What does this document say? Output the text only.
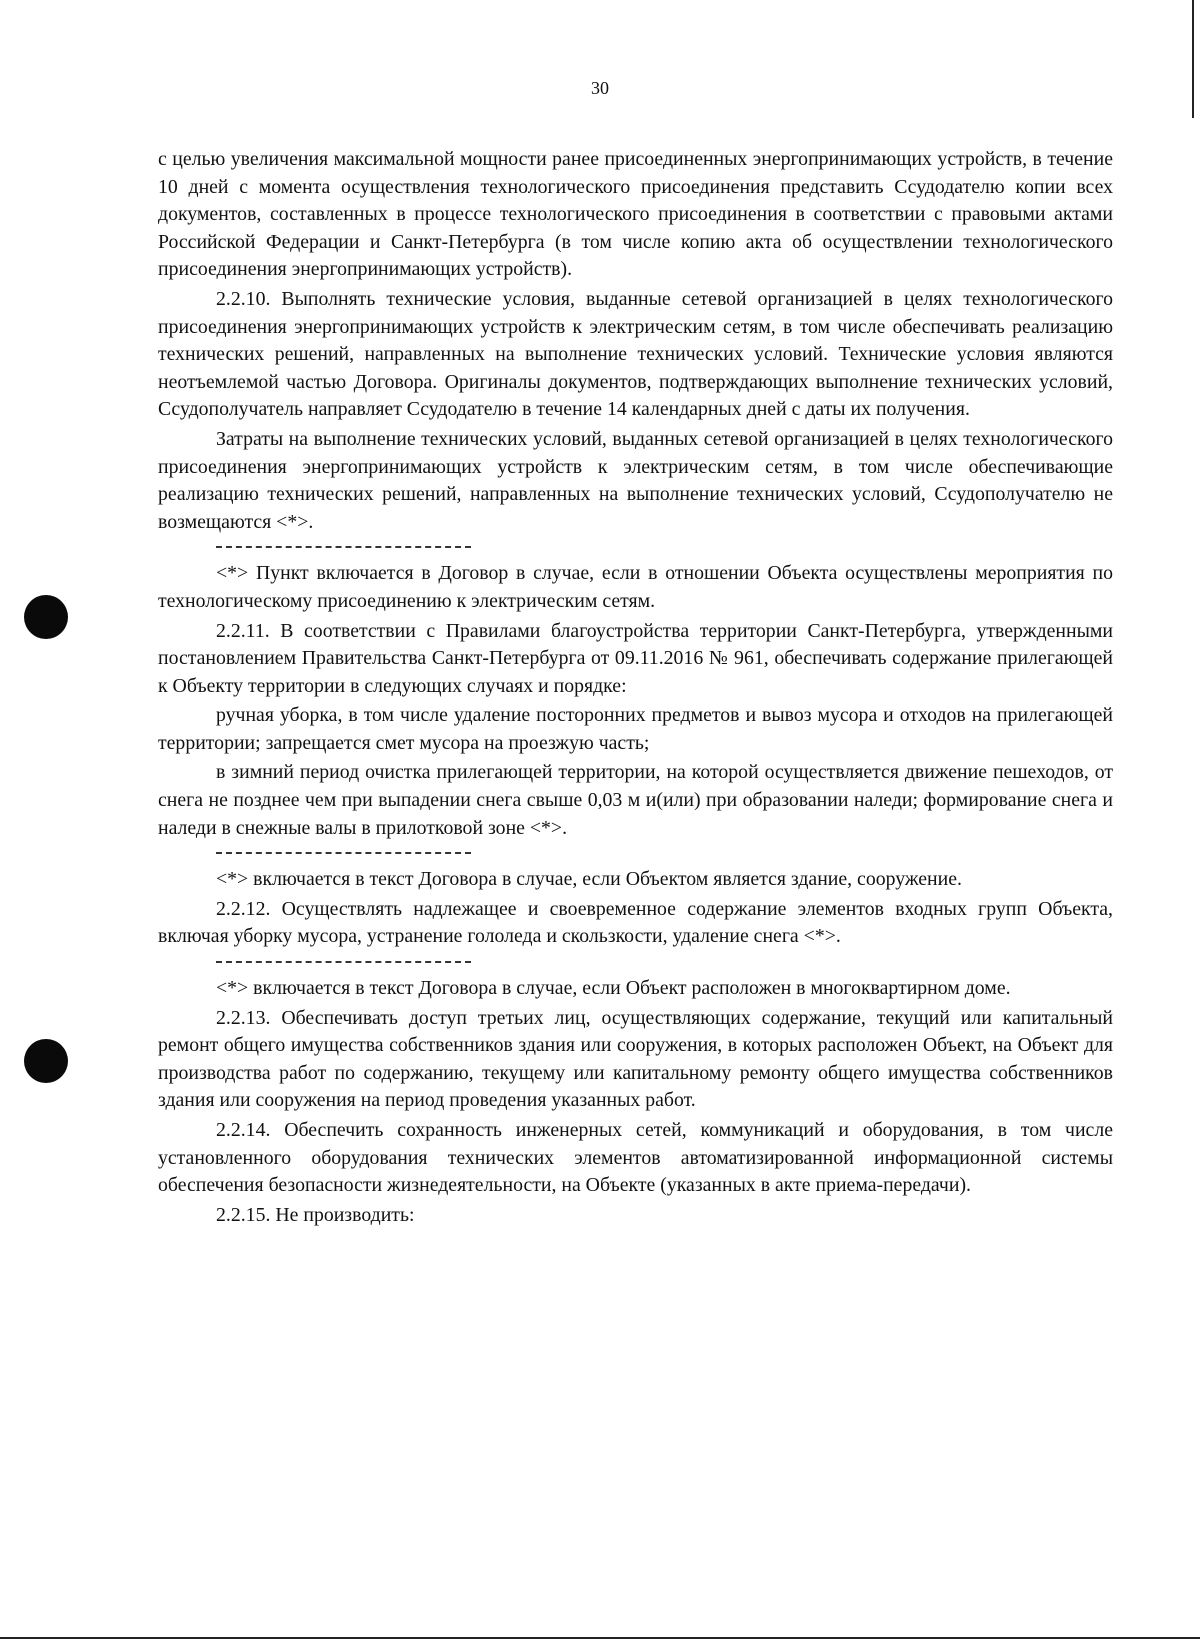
30

с целью увеличения максимальной мощности ранее присоединенных энергопринимающих устройств, в течение 10 дней с момента осуществления технологического присоединения представить Ссудодателю копии всех документов, составленных в процессе технологического присоединения в соответствии с правовыми актами Российской Федерации и Санкт-Петербурга (в том числе копию акта об осуществлении технологического присоединения энергопринимающих устройств).

2.2.10. Выполнять технические условия, выданные сетевой организацией в целях технологического присоединения энергопринимающих устройств к электрическим сетям, в том числе обеспечивать реализацию технических решений, направленных на выполнение технических условий. Технические условия являются неотъемлемой частью Договора. Оригиналы документов, подтверждающих выполнение технических условий, Ссудополучатель направляет Ссудодателю в течение 14 календарных дней с даты их получения.

Затраты на выполнение технических условий, выданных сетевой организацией в целях технологического присоединения энергопринимающих устройств к электрическим сетям, в том числе обеспечивающие реализацию технических решений, направленных на выполнение технических условий, Ссудополучателю не возмещаются <*>.

<*> Пункт включается в Договор в случае, если в отношении Объекта осуществлены мероприятия по технологическому присоединению к электрическим сетям.

2.2.11. В соответствии с Правилами благоустройства территории Санкт-Петербурга, утвержденными постановлением Правительства Санкт-Петербурга от 09.11.2016 № 961, обеспечивать содержание прилегающей к Объекту территории в следующих случаях и порядке:

ручная уборка, в том числе удаление посторонних предметов и вывоз мусора и отходов на прилегающей территории; запрещается смет мусора на проезжую часть;

в зимний период очистка прилегающей территории, на которой осуществляется движение пешеходов, от снега не позднее чем при выпадении снега свыше 0,03 м и(или) при образовании наледи; формирование снега и наледи в снежные валы в прилотковой зоне <*>.

<*> включается в текст Договора в случае, если Объектом является здание, сооружение.

2.2.12. Осуществлять надлежащее и своевременное содержание элементов входных групп Объекта, включая уборку мусора, устранение гололеда и скользкости, удаление снега <*>.

<*> включается в текст Договора в случае, если Объект расположен в многоквартирном доме.

2.2.13. Обеспечивать доступ третьих лиц, осуществляющих содержание, текущий или капитальный ремонт общего имущества собственников здания или сооружения, в которых расположен Объект, на Объект для производства работ по содержанию, текущему или капитальному ремонту общего имущества собственников здания или сооружения на период проведения указанных работ.

2.2.14. Обеспечить сохранность инженерных сетей, коммуникаций и оборудования, в том числе установленного оборудования технических элементов автоматизированной информационной системы обеспечения безопасности жизнедеятельности, на Объекте (указанных в акте приема-передачи).

2.2.15. Не производить:
